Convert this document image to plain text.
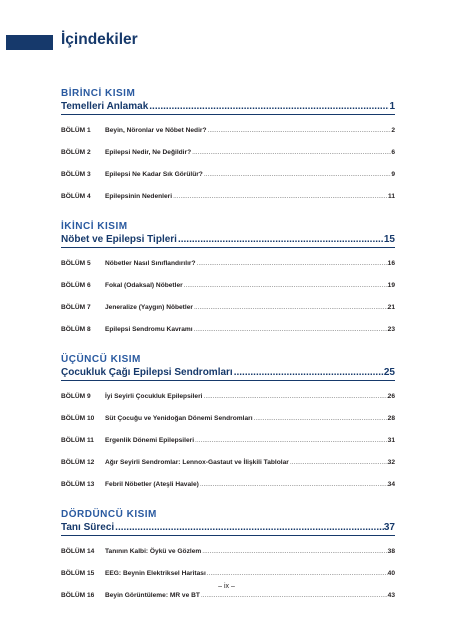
İçindekiler
BİRİNCİ KISIM
Temelleri Anlamak .....	1
BÖLÜM 1	Beyin, Nöronlar ve Nöbet Nedir? .....	2
BÖLÜM 2	Epilepsi Nedir, Ne Değildir? .....	6
BÖLÜM 3	Epilepsi Ne Kadar Sık Görülür? .....	9
BÖLÜM 4	Epilepsinin Nedenleri .....	11
İKİNCİ KISIM
Nöbet ve Epilepsi Tipleri .....	15
BÖLÜM 5	Nöbetler Nasıl Sınıflandırılır? .....	16
BÖLÜM 6	Fokal (Odaksal) Nöbetler .....	19
BÖLÜM 7	Jeneralize (Yaygın) Nöbetler .....	21
BÖLÜM 8	Epilepsi Sendromu Kavramı .....	23
ÜÇÜNCÜ KISIM
Çocukluk Çağı Epilepsi Sendromları .....	25
BÖLÜM 9	İyi Seyirli Çocukluk Epilepsileri .....	26
BÖLÜM 10	Süt Çocuğu ve Yenidoğan Dönemi Sendromları .....	28
BÖLÜM 11	Ergenlik Dönemi Epilepsileri .....	31
BÖLÜM 12	Ağır Seyirli Sendromlar: Lennox-Gastaut ve İlişkili Tablolar .....	32
BÖLÜM 13	Febril Nöbetler (Ateşli Havale) .....	34
DÖRDÜNCÜ KISIM
Tanı Süreci .....	37
BÖLÜM 14	Tanının Kalbi: Öykü ve Gözlem .....	38
BÖLÜM 15	EEG: Beynin Elektriksel Haritası .....	40
BÖLÜM 16	Beyin Görüntüleme: MR ve BT .....	43
– ix –
